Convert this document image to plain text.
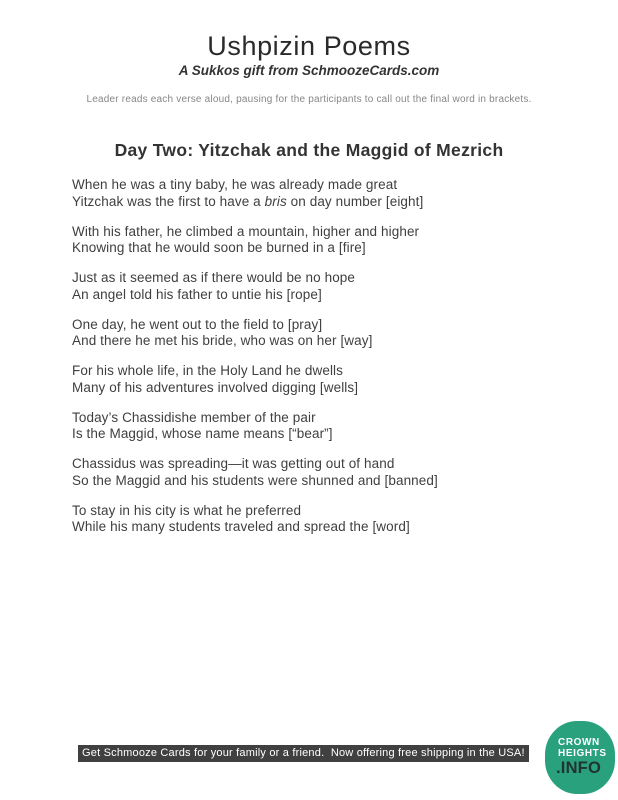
Ushpizin Poems
A Sukkos gift from SchmoozeCards.com
Leader reads each verse aloud, pausing for the participants to call out the final word in brackets.
Day Two: Yitzchak and the Maggid of Mezrich
When he was a tiny baby, he was already made great
Yitzchak was the first to have a bris on day number [eight]
With his father, he climbed a mountain, higher and higher
Knowing that he would soon be burned in a [fire]
Just as it seemed as if there would be no hope
An angel told his father to untie his [rope]
One day, he went out to the field to [pray]
And there he met his bride, who was on her [way]
For his whole life, in the Holy Land he dwells
Many of his adventures involved digging [wells]
Today’s Chassidishe member of the pair
Is the Maggid, whose name means [“bear”]
Chassidus was spreading—it was getting out of hand
So the Maggid and his students were shunned and [banned]
To stay in his city is what he preferred
While his many students traveled and spread the [word]
Get Schmooze Cards for your family or a friend.  Now offering free shipping in the USA!
CROWN
HEIGHTS
.INFO
